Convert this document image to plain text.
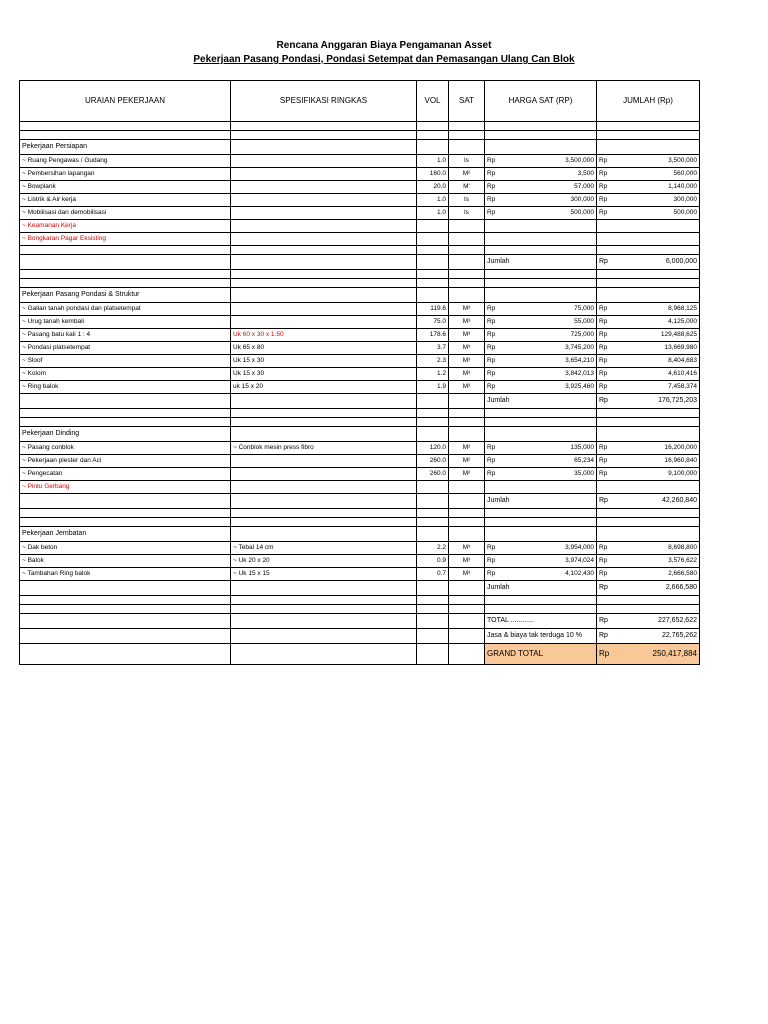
Rencana Anggaran Biaya Pengamanan Asset
Pekerjaan Pasang Pondasi, Pondasi Setempat dan Pemasangan Ulang Can Blok
URAIAN PEKERJAAN	SPESIFIKASI RINGKAS	VOL	SAT	HARGA SAT (RP)	JUMLAH (Rp)

Pekerjaan Persiapan					
~ Ruang Pengawas / Gudang		1.0	ls	Rp 3,500,000	Rp 3,500,000

~ Pembersihan lapangan		160.0	M²	Rp 3,500	Rp 560,000

~ Bowplank		20.0	M'	Rp 57,000	Rp 1,140,000

~ Listrik & Air kerja		1.0	ls	Rp 300,000	Rp 300,000

~ Mobilisasi dan demobilisasi		1.0	ls	Rp 500,000	Rp 500,000

~ Keamanan Kerja					
~ Bongkaran Pagar Eksisting					

				Jumlah	Rp 6,000,000

Pekerjaan Pasang Pondasi & Struktur					
~ Galian tanah pondasi dan platsetempat		119.6	M³	Rp 75,000	Rp 8,968,125

~ Urug tanah kembali		75.0	M³	Rp 55,000	Rp 4,125,000

~ Pasang batu kali 1 : 4	Uk 60 x 30 x 1.50	178.6	M³	Rp 725,000	Rp 129,488,625

~ Pondasi platsetempat	Uk 65 x 80	3.7	M³	Rp 3,745,200	Rp 13,669,980

~ Sloof	Uk 15 x 30	2.3	M³	Rp 3,654,210	Rp 8,404,683

~ Kolom	Uk 15 x 30	1.2	M³	Rp 3,842,013	Rp 4,610,416

~ Ring balok	uk 15 x 20	1.9	M³	Rp 3,925,460	Rp 7,458,374

				Jumlah	Rp 176,725,203

Pekerjaan Dinding					
~ Pasang conblok	~ Conblok mesin press fibro	120.0	M²	Rp 135,000	Rp 16,200,000

~ Pekerjaan plester dan Aci		260.0	M²	Rp 65,234	Rp 16,960,840

~ Pengecatan		260.0	M²	Rp 35,000	Rp 9,100,000

~ Pintu Gerbang					
				Jumlah	Rp 42,260,840

Pekerjaan Jembatan					
~ Dak beton	~ Tebal 14 cm	2.2	M³	Rp 3,954,000	Rp 8,698,800

~ Balok	~ Uk 20 x 20	0.9	M³	Rp 3,974,024	Rp 3,576,622

~ Tambahan Ring balok	~ Uk 15 x 15	0.7	M³	Rp 4,102,430	Rp 2,666,580

				Jumlah	Rp 2,666,580

				TOTAL ............	Rp 227,652,622

				Jasa & biaya tak terduga 10 %	Rp 22,765,262

				GRAND TOTAL	Rp 250,417,884
